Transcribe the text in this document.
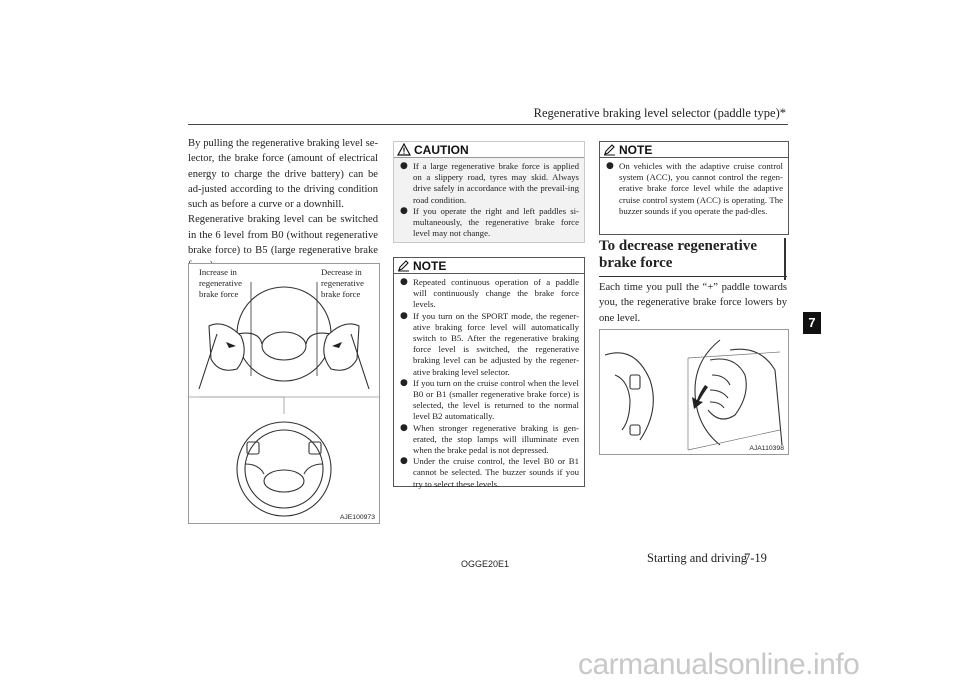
Regenerative braking level selector (paddle type)*
7

By pulling the regenerative braking level se-lector, the brake force (amount of electrical energy to charge the drive battery) can be ad-justed according to the driving condition such as before a curve or a downhill.

Regenerative braking level can be switched in the 6 level from B0 (without regenerative brake force) to B5 (large regenerative brake

Increase in regenerative brake force
Decrease in regenerative brake force
AJE100973
CAUTION
● If a large regenerative brake force is applied on a slippery road, tyres may skid. Always drive safely in accordance with the prevail-ing road condition.
● If you operate the right and left paddles si-multaneously, the regenerative brake force level may not change.
NOTE
● Repeated continuous operation of a paddle will continuously change the brake force levels.
● If you turn on the SPORT mode, the regener-ative braking force level will automatically switch to B5. After the regenerative braking force level is switched, the regenerative braking level can be adjusted by the regener-ative braking level selector.
● If you turn on the cruise control when the level B0 or B1 (smaller regenerative brake force) is selected, the level is returned to the normal level B2 automatically.
● When stronger regenerative braking is gen-erated, the stop lamps will illuminate even when the brake pedal is not depressed.
● Under the cruise control, the level B0 or B1 cannot be selected. The buzzer sounds if you try to select these levels.
NOTE
● On vehicles with the adaptive cruise control system (ACC), you cannot control the regen-erative brake force level while the adaptive cruise control system (ACC) is operating. The buzzer sounds if you operate the pad-dles.
To decrease regenerative brake force

Each time you pull the “+” paddle towards you, the regenerative brake force lowers by one level.

AJA110398
OGGE20E1	Starting and driving
7-19
carmanualsonline.info
